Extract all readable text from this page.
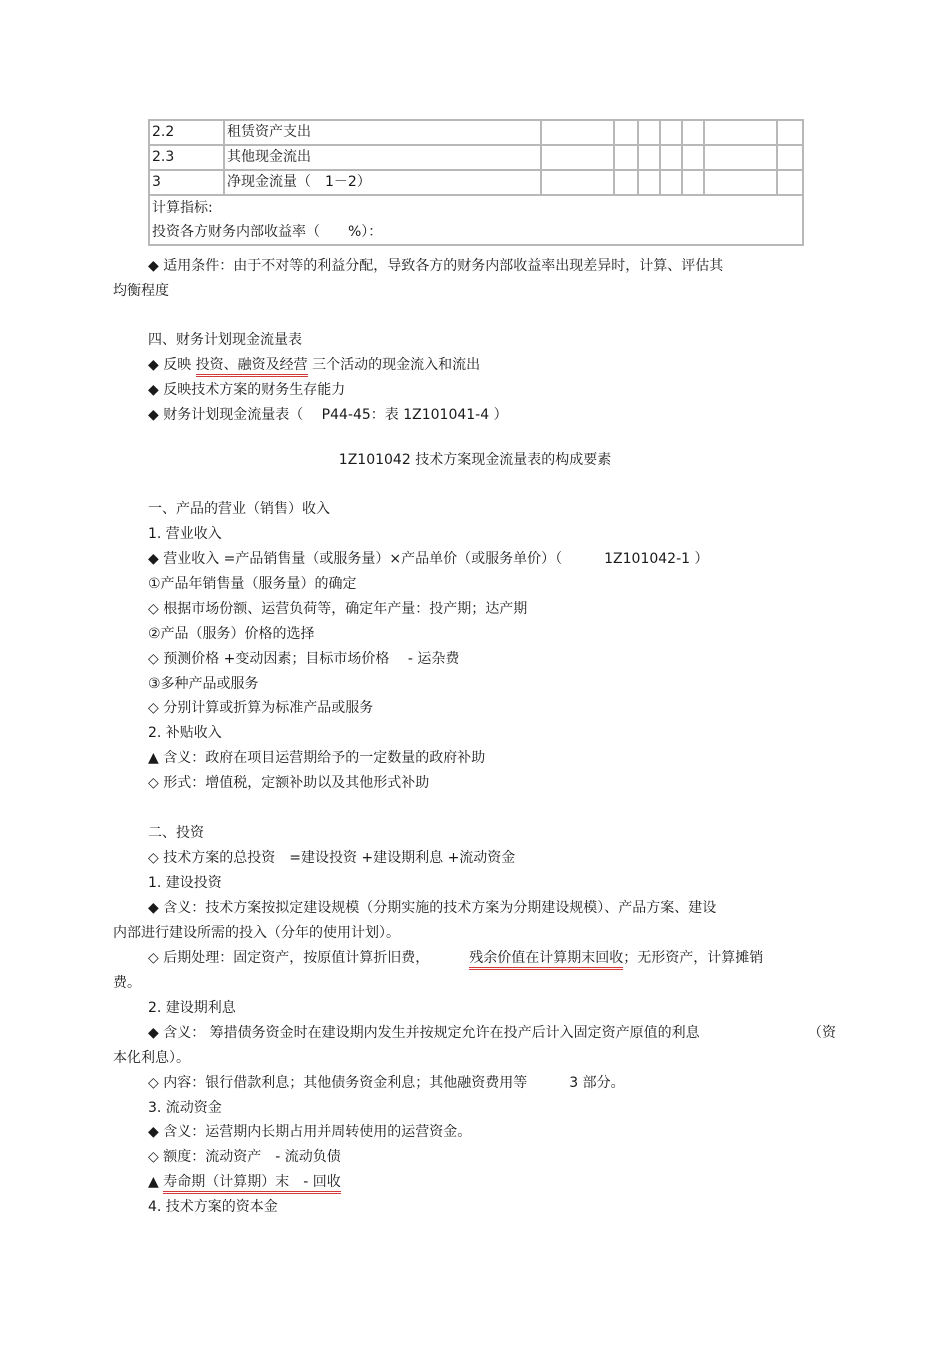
2.2	租赁资产支出							
2.3	其他现金流出							
3	净现金流量（　1－2）							

计算指标:
投资各方财务内部收益率（　　%）：								
◆ 适用条件：由于不对等的利益分配，导致各方的财务内部收益率出现差异时，计算、评估其
均衡程度
四、财务计划现金流量表
◆ 反映 投资、融资及经营 三个活动的现金流入和流出
◆ 反映技术方案的财务生存能力
◆ 财务计划现金流量表（　 P44-45：表 1Z101041-4 ）
1Z101042 技术方案现金流量表的构成要素
一、产品的营业（销售）收入
1. 营业收入
◆ 营业收入 =产品销售量（或服务量）×产品单价（或服务单价）（　　　1Z101042-1 ）
①产品年销售量（服务量）的确定
◇ 根据市场份额、运营负荷等，确定年产量：投产期；达产期
②产品（服务）价格的选择
◇ 预测价格 +变动因素；目标市场价格　 - 运杂费
③多种产品或服务
◇ 分别计算或折算为标准产品或服务
2. 补贴收入
▲ 含义：政府在项目运营期给予的一定数量的政府补助
◇ 形式：增值税，定额补助以及其他形式补助
二、投资
◇ 技术方案的总投资　=建设投资 +建设期利息 +流动资金
1. 建设投资
◆ 含义：技术方案按拟定建设规模（分期实施的技术方案为分期建设规模）、产品方案、建设
内部进行建设所需的投入（分年的使用计划）。
◇ 后期处理：固定资产，按原值计算折旧费，	残余价值在计算期末回收；无形资产，计算摊销
费。
2. 建设期利息
◆ 含义： 筹措债务资金时在建设期内发生并按规定允许在投产后计入固定资产原值的利息	（资
本化利息）。
◇ 内容：银行借款利息；其他债务资金利息；其他融资费用等　　　3 部分。
3. 流动资金
◆ 含义：运营期内长期占用并周转使用的运营资金。
◇ 额度：流动资产　- 流动负债
▲ 寿命期（计算期）末　- 回收
4. 技术方案的资本金
